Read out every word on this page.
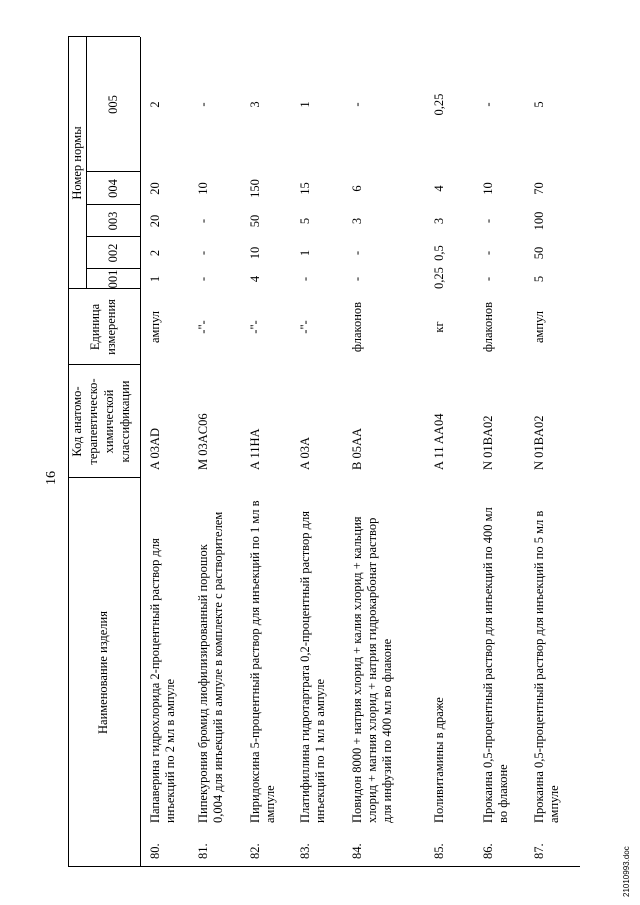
16
Наименование изделия
Код анатомо- терапевтическо- химической классификации
Единица измерения
Номер нормы
001
002
003
004
005
80.
Папаверина гидрохлорида 2-процентный раствор для инъекций по 2 мл в ампуле
A 03AD
ампул
1
2
20
20
2
81.
Пипекурония бромид лиофилизированный порошок 0,004 для инъекций в ампуле в комплекте с растворителем
M 03AC06
-"-
-
-
-
10
-
82.
Пиридоксина 5-процентный раствор для инъекций по 1 мл в ампуле
A 11HA
-"-
4
10
50
150
3
83.
Платифиллина гидротартрата 0,2-процентный раствор для инъекций по 1 мл в ампуле
A 03A
-"-
-
1
5
15
1
84.
Повидон 8000 + натрия хлорид + калия хлорид + кальция хлорид + магния хлорид + натрия гидрокарбонат раствор для инфузий по 400 мл во флаконе
B 05AA
флаконов
-
-
3
6
-
85.
Поливитамины в драже
A 11 AA04
кг
0,25
0,5
3
4
0,25
86.
Прокаина 0,5-процентный раствор для инъекций по 400 мл во флаконе
N 01BA02
флаконов
-
-
-
10
-
87.
Прокаина 0,5-процентный раствор для инъекций по 5 мл в ампуле
N 01BA02
ампул
5
50
100
70
5
21010993.doc
